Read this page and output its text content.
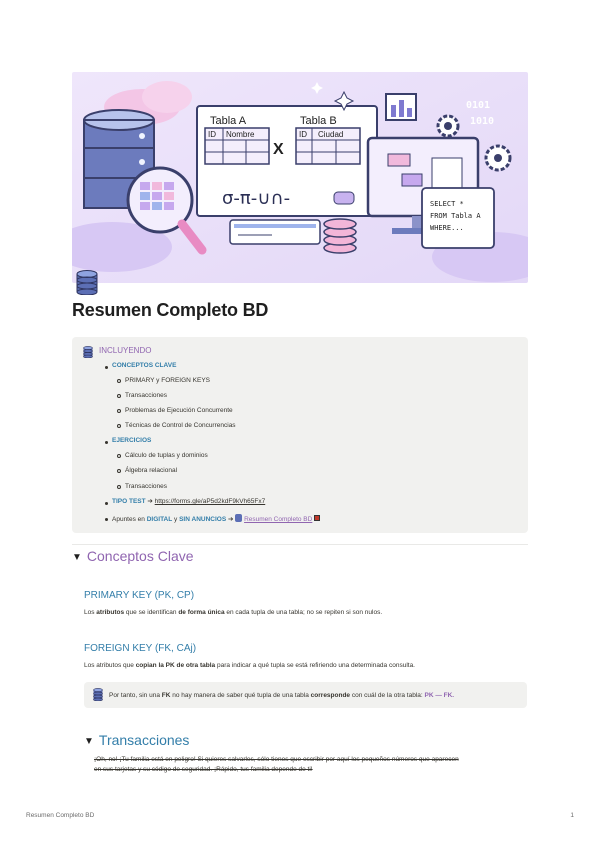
Tabla A	Tabla B
ID Nombre	ID Ciudad
X
σ-π-∪∩-
0101
1010
SELECT *
FROM Tabla A
WHERE...
Resumen Completo BD
INCLUYENDO
CONCEPTOS CLAVE
PRIMARY y FOREIGN KEYS
Transacciones
Problemas de Ejecución Concurrente
Técnicas de Control de Concurrencias
EJERCICIOS
Cálculo de tuplas y dominios
Álgebra relacional
Transacciones
TIPO TEST ➔ https://forms.gle/aP5d2kdF9kVh65Fx7
Apuntes en DIGITAL y SIN ANUNCIOS ➔ Resumen Completo BD
▼ Conceptos Clave
PRIMARY KEY (PK, CP)
Los atributos que se identifican de forma única en cada tupla de una tabla; no se repiten si son nulos.
FOREIGN KEY (FK, CAj)
Los atributos que copian la PK de otra tabla para indicar a qué tupla se está refiriendo una determinada consulta.
Por tanto, sin una FK no hay manera de saber qué tupla de una tabla corresponde con cuál de la otra tabla: PK — FK.
▼ Transacciones
¡Oh, no! ¡Tu familia está en peligro! Si quieres salvarles, sólo tienes que escribir por aquí los pequeños números que aparecen
en sus tarjetas y su código de seguridad. ¡Rápido, tus familia depende de ti!
Resumen Completo BD	1
